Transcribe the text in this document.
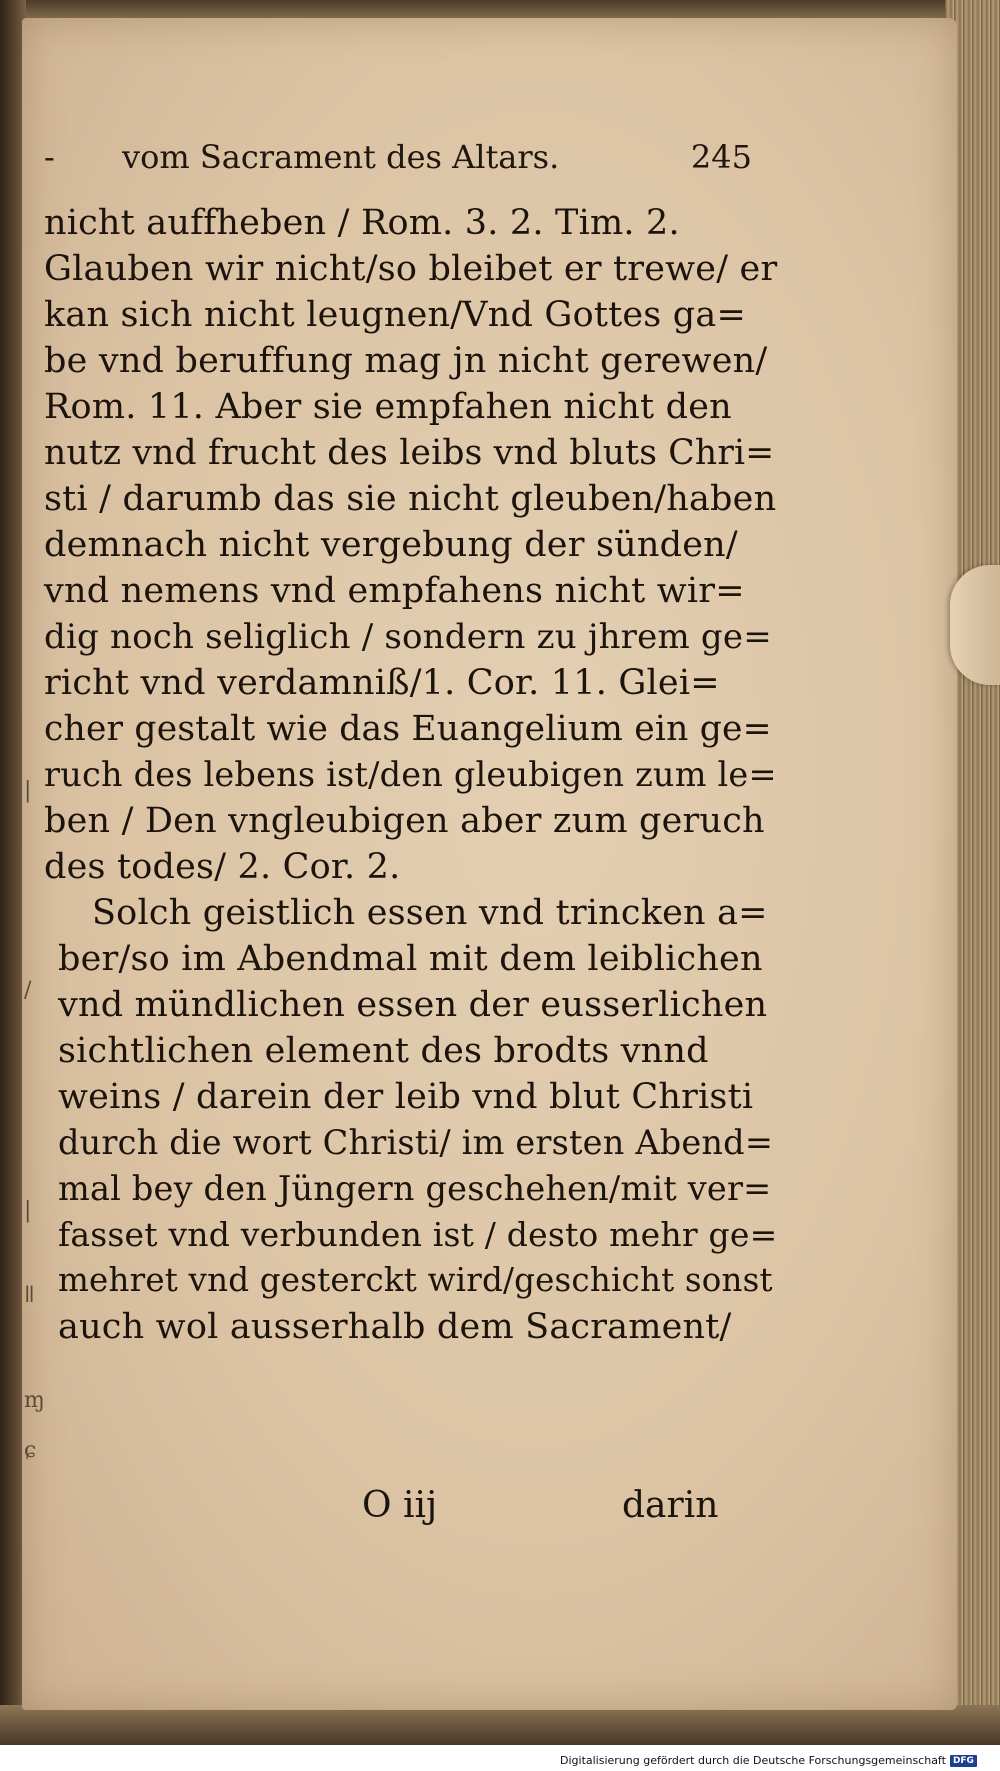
|
/
|
ǁ
ɱ
ɕ
- vom Sacrament des Altars.	245
nicht auffheben / Rom. 3. 2. Tim. 2.
Glauben wir nicht/so bleibet er trewe/ er
kan sich nicht leugnen/Vnd Gottes ga=
be vnd beruffung mag jn nicht gerewen/
Rom. 11. Aber sie empfahen nicht den
nutz vnd frucht des leibs vnd bluts Chri=
sti / darumb das sie nicht gleuben/haben
demnach nicht vergebung der sünden/
vnd nemens vnd empfahens nicht wir=
dig noch seliglich / sondern zu jhrem ge=
richt vnd verdamniß/1. Cor. 11. Glei=
cher gestalt wie das Euangelium ein ge=
ruch des lebens ist/den gleubigen zum le=
ben / Den vngleubigen aber zum geruch
des todes/ 2. Cor. 2.
Solch geistlich essen vnd trincken a=
ber/so im Abendmal mit dem leiblichen
vnd mündlichen essen der eusserlichen
sichtlichen element des brodts vnnd
weins / darein der leib vnd blut Christi
durch die wort Christi/ im ersten Abend=
mal bey den Jüngern geschehen/mit ver=
fasset vnd verbunden ist / desto mehr ge=
mehret vnd gesterckt wird/geschicht sonst
auch wol ausserhalb dem Sacrament/
O iij	darin
Digitalisierung gefördert durch die Deutsche Forschungsgemeinschaft DFG
